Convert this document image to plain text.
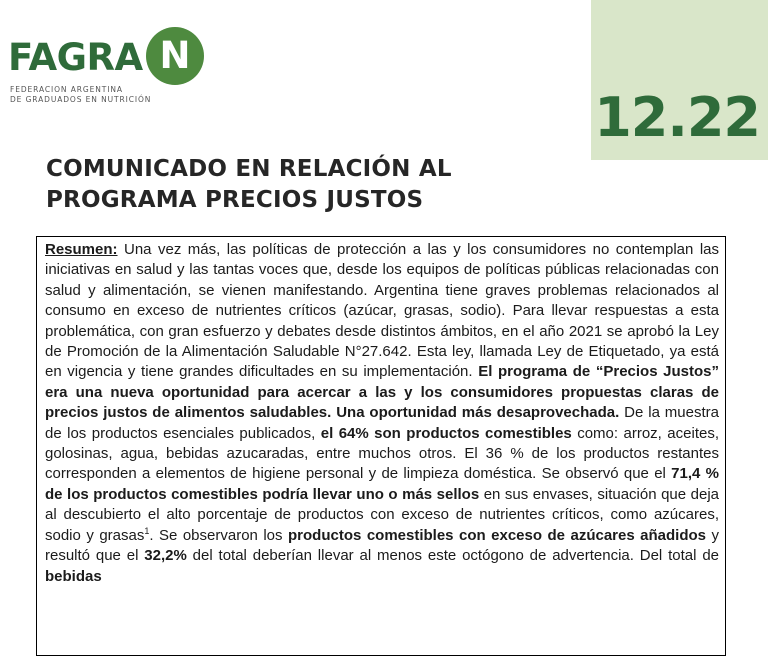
FAGRA N
FEDERACION ARGENTINA
DE GRADUADOS EN NUTRICIÓN	12.22
COMUNICADO EN RELACIÓN AL
PROGRAMA PRECIOS JUSTOS

Resumen: Una vez más, las políticas de protección a las y los consumidores no contemplan las iniciativas en salud y las tantas voces que, desde los equipos de políticas públicas relacionadas con salud y alimentación, se vienen manifestando. Argentina tiene graves problemas relacionados al consumo en exceso de nutrientes críticos (azúcar, grasas, sodio). Para llevar respuestas a esta problemática, con gran esfuerzo y debates desde distintos ámbitos, en el año 2021 se aprobó la Ley de Promoción de la Alimentación Saludable N°27.642. Esta ley, llamada Ley de Etiquetado, ya está en vigencia y tiene grandes dificultades en su implementación. El programa de “Precios Justos” era una nueva oportunidad para acercar a las y los consumidores propuestas claras de precios justos de alimentos saludables. Una oportunidad más desaprovechada. De la muestra de los productos esenciales publicados, el 64% son productos comestibles como: arroz, aceites, golosinas, agua, bebidas azucaradas, entre muchos otros. El 36 % de los productos restantes corresponden a elementos de higiene personal y de limpieza doméstica. Se observó que el 71,4 % de los productos comestibles podría llevar uno o más sellos en sus envases, situación que deja al descubierto el alto porcentaje de productos con exceso de nutrientes críticos, como azúcares, sodio y grasas$^1$. Se observaron los productos comestibles con exceso de azúcares añadidos y resultó que el 32,2% del total deberían llevar al menos este octógono de advertencia. Del total de bebidas
